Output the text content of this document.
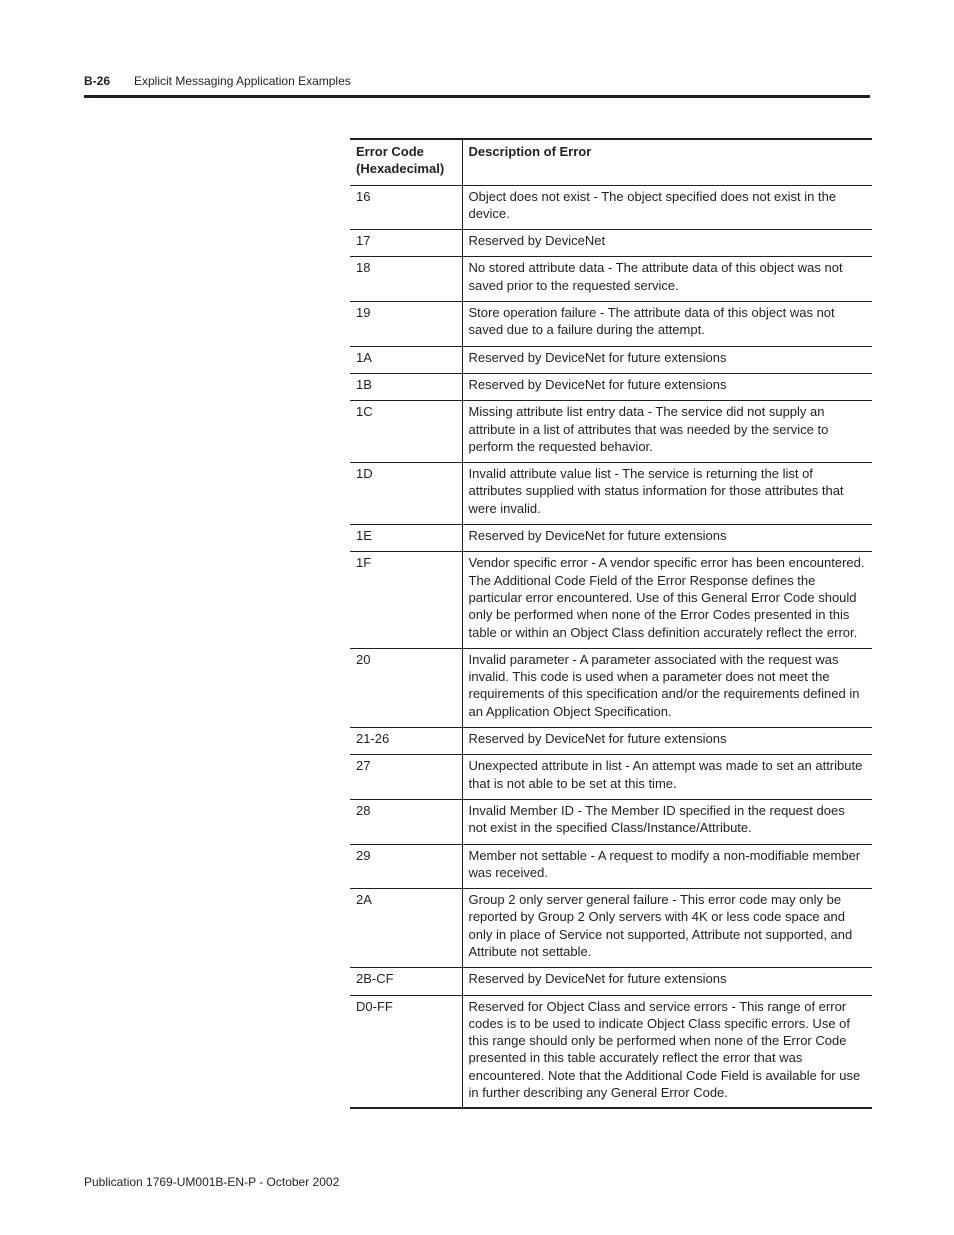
B-26 Explicit Messaging Application Examples
Error Code
(Hexadecimal)	Description of Error
16	Object does not exist - The object specified does not exist in the device.
17	Reserved by DeviceNet
18	No stored attribute data - The attribute data of this object was not saved prior to the requested service.
19	Store operation failure - The attribute data of this object was not saved due to a failure during the attempt.
1A	Reserved by DeviceNet for future extensions
1B	Reserved by DeviceNet for future extensions
1C	Missing attribute list entry data - The service did not supply an attribute in a list of attributes that was needed by the service to perform the requested behavior.
1D	Invalid attribute value list - The service is returning the list of attributes supplied with status information for those attributes that were invalid.
1E	Reserved by DeviceNet for future extensions
1F	Vendor specific error - A vendor specific error has been encountered. The Additional Code Field of the Error Response defines the particular error encountered. Use of this General Error Code should only be performed when none of the Error Codes presented in this table or within an Object Class definition accurately reflect the error.
20	Invalid parameter - A parameter associated with the request was invalid. This code is used when a parameter does not meet the requirements of this specification and/or the requirements defined in an Application Object Specification.
21-26	Reserved by DeviceNet for future extensions
27	Unexpected attribute in list - An attempt was made to set an attribute that is not able to be set at this time.
28	Invalid Member ID - The Member ID specified in the request does not exist in the specified Class/Instance/Attribute.
29	Member not settable - A request to modify a non-modifiable member was received.
2A	Group 2 only server general failure - This error code may only be reported by Group 2 Only servers with 4K or less code space and only in place of Service not supported, Attribute not supported, and Attribute not settable.
2B-CF	Reserved by DeviceNet for future extensions
D0-FF	Reserved for Object Class and service errors - This range of error codes is to be used to indicate Object Class specific errors. Use of this range should only be performed when none of the Error Code presented in this table accurately reflect the error that was encountered. Note that the Additional Code Field is available for use in further describing any General Error Code.
Publication 1769-UM001B-EN-P - October 2002
